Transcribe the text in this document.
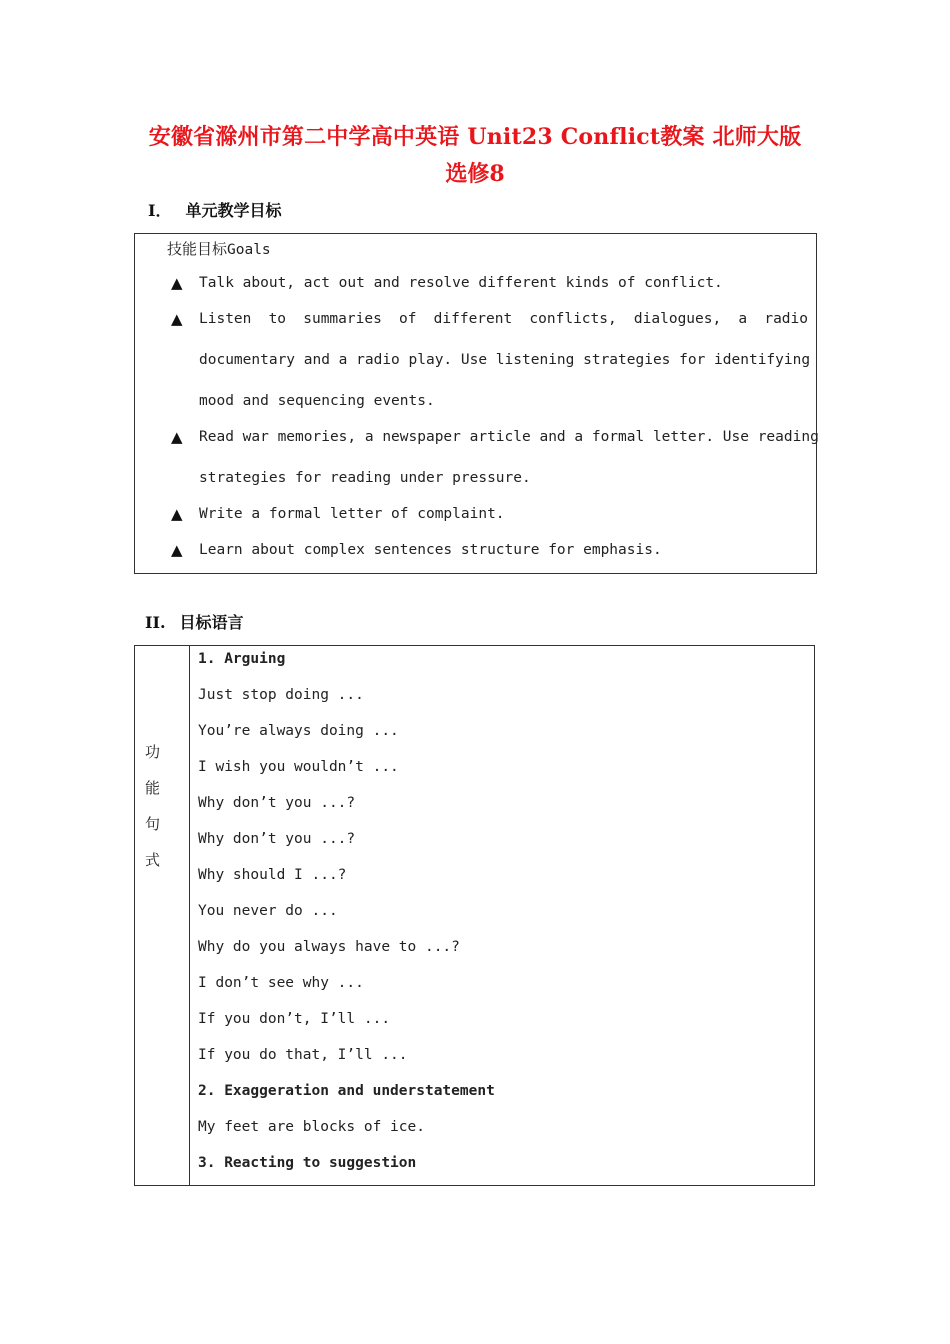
安徽省滁州市第二中学高中英语 Unit23 Conflict教案 北师大版
选修8
I． 单元教学目标
技能目标Goals
▲ Talk about, act out and resolve different kinds of conflict.
▲ Listen to summaries of different conflicts, dialogues, a radio
documentary and a radio play. Use listening strategies for identifying
mood and sequencing events.
▲ Read war memories, a newspaper article and a formal letter. Use reading
strategies for reading under pressure.
▲ Write a formal letter of complaint.
▲ Learn about complex sentences structure for emphasis.
II. 目标语言
功
能
句
式
1. Arguing
Just stop doing ...
You’re always doing ...
I wish you wouldn’t ...
Why don’t you ...?
Why don’t you ...?
Why should I ...?
You never do ...
Why do you always have to ...?
I don’t see why ...
If you don’t, I’ll ...
If you do that, I’ll ...
2. Exaggeration and understatement
My feet are blocks of ice.
3. Reacting to suggestion
